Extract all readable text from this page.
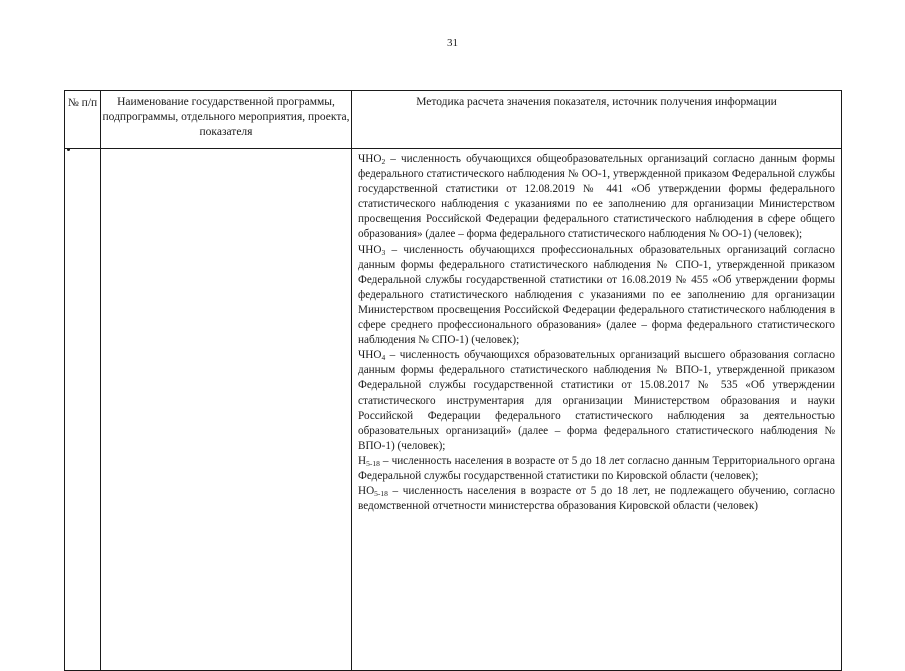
31
№ п/п	Наименование государственной программы, подпрограммы, отдельного мероприятия, проекта, показателя	Методика расчета значения показателя, источник получения информации

		$ЧНО_2$ – численность обучающихся общеобразовательных организаций согласно данным формы федерального статистического наблюдения № ОО-1, утвержденной приказом Федеральной службы государственной статистики от 12.08.2019 № 441 «Об утверждении формы федерального статистического наблюдения с указаниями по ее заполнению для организации Министерством просвещения Российской Федерации федерального статистического наблюдения в сфере общего образования» (далее – форма федерального статистического наблюдения № ОО-1) (человек);

$ЧНО_3$ – численность обучающихся профессиональных образовательных организаций согласно данным формы федерального статистического наблюдения № СПО-1, утвержденной приказом Федеральной службы государственной статистики от 16.08.2019 № 455 «Об утверждении формы федерального статистического наблюдения с указаниями по ее заполнению для организации Министерством просвещения Российской Федерации федерального статистического наблюдения в сфере среднего профессионального образования» (далее – форма федерального статистического наблюдения № СПО-1) (человек);

$ЧНО_4$ – численность обучающихся образовательных организаций высшего образования согласно данным формы федерального статистического наблюдения № ВПО-1, утвержденной приказом Федеральной службы государственной статистики от 15.08.2017 № 535 «Об утверждении статистического инструментария для организации Министерством образования и науки Российской Федерации федерального статистического наблюдения за деятельностью образовательных организаций» (далее – форма федерального статистического наблюдения № ВПО-1) (человек);

$Н_{5-18}$ – численность населения в возрасте от 5 до 18 лет согласно данным Территориального органа Федеральной службы государственной статистики по Кировской области (человек);

$НО_{5-18}$ – численность населения в возрасте от 5 до 18 лет, не подлежащего обучению, согласно ведомственной отчетности министерства образования Кировской области (человек)
